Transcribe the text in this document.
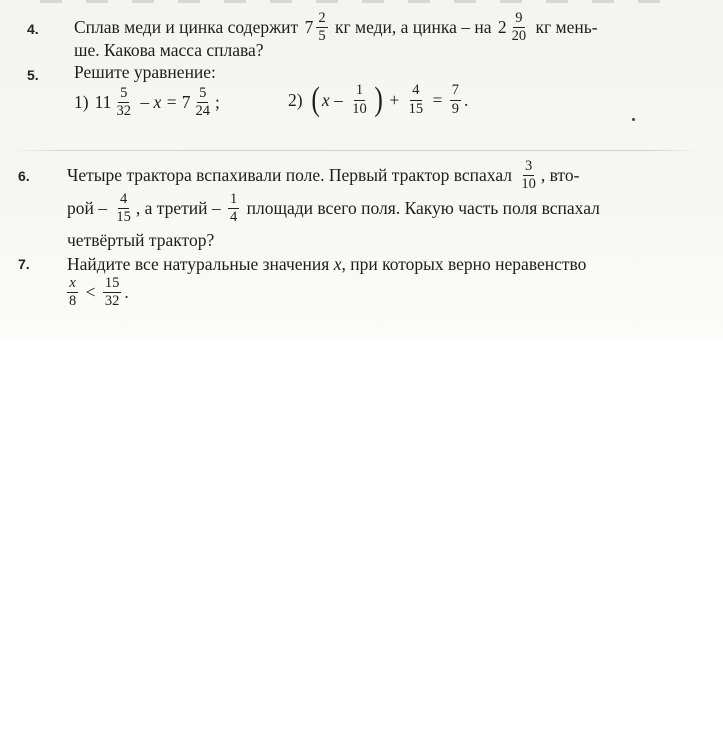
4. Сплав меди и цинка содержит $7 \frac{2}{5}$ кг меди, а цинка – на $2 \frac{9}{20}$ кг мень-
ше. Какова масса сплава?
5. Решите уравнение:
1) $11 \frac{5}{32} - x = 7 \frac{5}{24}$ ;	2) ( x – $\frac{1}{10}$ ) + $\frac{4}{15} = \frac{7}{9}$ .
6. Четыре трактора вспахивали поле. Первый трактор вспахал $\frac{3}{10}$ , вто-
рой – $\frac{4}{15}$ , а третий – $\frac{1}{4}$ площади всего поля. Какую часть поля вспахал
четвёртый трактор?
7. Найдите все натуральные значения x , при которых верно неравенство
$\frac{x}{8} < \frac{15}{32}$ .
